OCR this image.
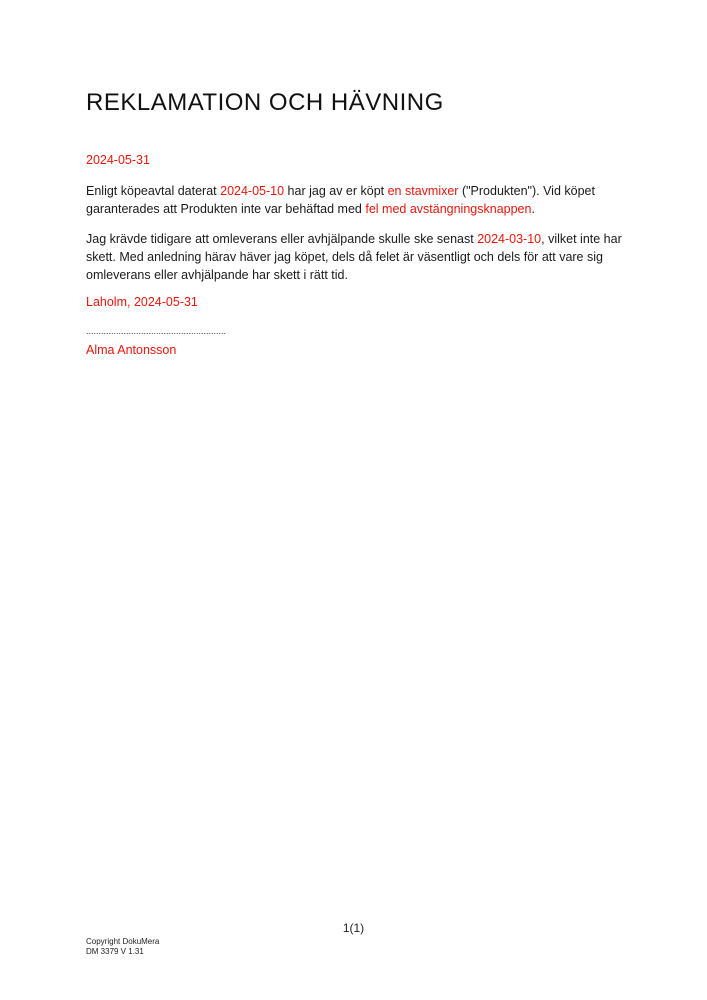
REKLAMATION OCH HÄVNING
2024-05-31

Enligt köpeavtal daterat 2024-05-10 har jag av er köpt en stavmixer ("Produkten"). Vid köpet garanterades att Produkten inte var behäftad med fel med avstängningsknappen.

Jag krävde tidigare att omleverans eller avhjälpande skulle ske senast 2024-03-10, vilket inte har skett. Med anledning härav häver jag köpet, dels då felet är väsentligt och dels för att vare sig omleverans eller avhjälpande har skett i rätt tid.

Laholm, 2024-05-31
........................................................
Alma Antonsson
1(1)
Copyright DokuMera
DM 3379 V 1.31
